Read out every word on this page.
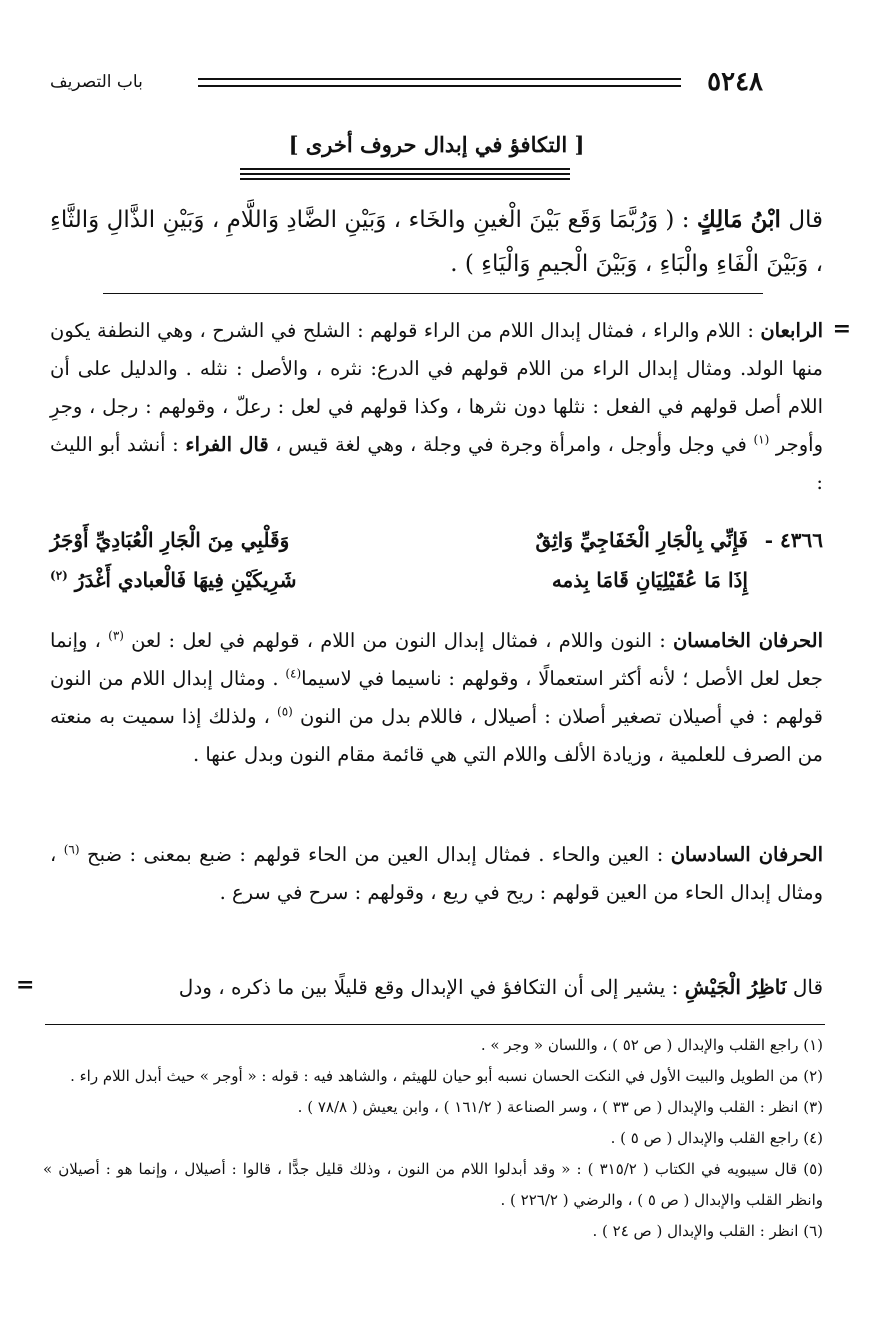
٥٢٤٨
باب التصريف
[ التكافؤ في إبدال حروف أخرى ]
قال ابْنُ مَالِكٍ : ( وَرُبَّمَا وَقَع بَيْنَ الْغينِ والخَاء ، وَبَيْنِ الضَّادِ وَاللَّامِ ، وَبَيْنِ الذَّالِ وَالثَّاءِ ، وَبَيْنَ الْفَاءِ والْبَاءِ ، وَبَيْنَ الْجيمِ وَالْيَاءِ ) .
=
الرابعان : اللام والراء ، فمثال إبدال اللام من الراء قولهم : الشلح في الشرح ، وهي النطفة يكون منها الولد. ومثال إبدال الراء من اللام قولهم في الدرع: نثره ، والأصل : نثله . والدليل على أن اللام أصل قولهم في الفعل : نثلها دون نثرها ، وكذا قولهم في لعل : رعلّ ، وقولهم : رجل ، وجرِ وأوجر $^{(١)}$ في وجل وأوجل ، وامرأة وجرة في وجلة ، وهي لغة قيس ، قال الفراء : أنشد أبو الليث :
٤٣٦٦ -
فَإِنِّي بِالْجَارِ الْخَفَاجِيِّ وَاثِقٌ
وَقَلْبِي مِنَ الْجَارِ الْعُبَادِيِّ أَوْجَرُ
إِذَا مَا عُقَيْلِيَانِ قَامَا بِذمه
شَرِيكَيْنِ فِيهَا فَالْعبادي أَغْدَرُ $^{(٢)}$
الحرفان الخامسان : النون واللام ، فمثال إبدال النون من اللام ، قولهم في لعل : لعن $^{(٣)}$ ، وإنما جعل لعل الأصل ؛ لأنه أكثر استعمالًا ، وقولهم : ناسيما في لاسيما$^{(٤)}$ . ومثال إبدال اللام من النون قولهم : في أصيلان تصغير أصلان : أصيلال ، فاللام بدل من النون $^{(٥)}$ ، ولذلك إذا سميت به منعته من الصرف للعلمية ، وزيادة الألف واللام التي هي قائمة مقام النون وبدل عنها .
الحرفان السادسان : العين والحاء . فمثال إبدال العين من الحاء قولهم : ضبع بمعنى : ضبح $^{(٦)}$ ، ومثال إبدال الحاء من العين قولهم : ريح في ريع ، وقولهم : سرح في سرع .
قال نَاظِرُ الْجَيْشِ : يشير إلى أن التكافؤ في الإبدال وقع قليلًا بين ما ذكره ، ودل
=

(١) راجع القلب والإبدال ( ص ٥٢ ) ، واللسان « وجر » .

(٢) من الطويل والبيت الأول في النكت الحسان نسبه أبو حيان للهيثم ، والشاهد فيه : قوله : « أوجر » حيث أبدل اللام راء .

(٣) انظر : القلب والإبدال ( ص ٣٣ ) ، وسر الصناعة ( ١٦١/٢ ) ، وابن يعيش ( ٧٨/٨ ) .

(٤) راجع القلب والإبدال ( ص ٥ ) .

(٥) قال سيبويه في الكتاب ( ٣١٥/٢ ) : « وقد أبدلوا اللام من النون ، وذلك قليل جدًّا ، قالوا : أصيلال ، وإنما هو : أصيلان » وانظر القلب والإبدال ( ص ٥ ) ، والرضي ( ٢٢٦/٢ ) .

(٦) انظر : القلب والإبدال ( ص ٢٤ ) .
